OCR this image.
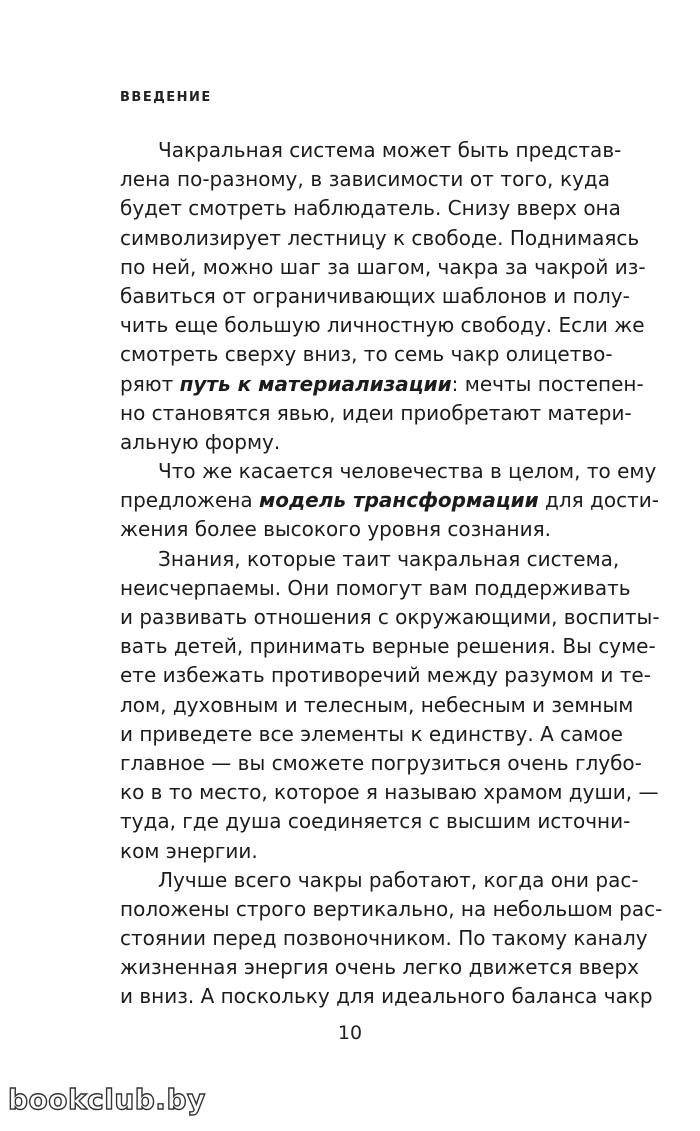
ВВЕДЕНИЕ
Чакральная система может быть представ-
лена по-разному, в зависимости от того, куда
будет смотреть наблюдатель. Снизу вверх она
символизирует лестницу к свободе. Поднимаясь
по ней, можно шаг за шагом, чакра за чакрой из-
бавиться от ограничивающих шаблонов и полу-
чить еще большую личностную свободу. Если же
смотреть сверху вниз, то семь чакр олицетво-
ряют путь к материализации: мечты постепен-
но становятся явью, идеи приобретают матери-
альную форму.
Что же касается человечества в целом, то ему
предложена модель трансформации для дости-
жения более высокого уровня сознания.
Знания, которые таит чакральная система,
неисчерпаемы. Они помогут вам поддерживать
и развивать отношения с окружающими, воспиты-
вать детей, принимать верные решения. Вы суме-
ете избежать противоречий между разумом и те-
лом, духовным и телесным, небесным и земным
и приведете все элементы к единству. А самое
главное — вы сможете погрузиться очень глубо-
ко в то место, которое я называю храмом души, —
туда, где душа соединяется с высшим источни-
ком энергии.
Лучше всего чакры работают, когда они рас-
положены строго вертикально, на небольшом рас-
стоянии перед позвоночником. По такому каналу
жизненная энергия очень легко движется вверх
и вниз. А поскольку для идеального баланса чакр
10
bookclub.by
